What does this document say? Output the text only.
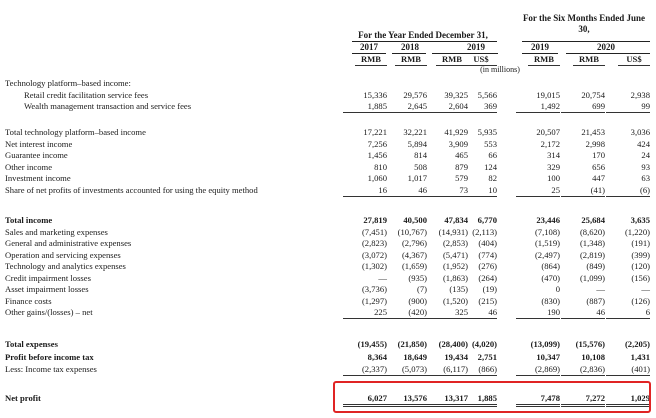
For the Year Ended December 31,
For the Six Months Ended June 30,
2017	2018	2019	2019	2020
RMB	RMB	RMB	US$	RMB	RMB	US$
(in millions)
Technology platform–based income:
Retail credit facilitation service fees	15,336	29,576	39,325	5,566	19,015	20,754	2,938
Wealth management transaction and service fees	1,885	2,645	2,604	369	1,492	699	99
Total technology platform–based income	17,221	32,221	41,929	5,935	20,507	21,453	3,036
Net interest income	7,256	5,894	3,909	553	2,172	2,998	424
Guarantee income	1,456	814	465	66	314	170	24
Other income	810	508	879	124	329	656	93
Investment income	1,060	1,017	579	82	100	447	63
Share of net profits of investments accounted for using the equity method	16	46	73	10	25	(41)	(6)
Total income	27,819	40,500	47,834	6,770	23,446	25,684	3,635
Sales and marketing expenses	(7,451)	(10,767)	(14,931) (2,113)	(7,108)	(8,620)	(1,220)
General and administrative expenses	(2,823)	(2,796)	(2,853)	(404)	(1,519)	(1,348)	(191)
Operation and servicing expenses	(3,072)	(4,367)	(5,471)	(774)	(2,497)	(2,819)	(399)
Technology and analytics expenses	(1,302)	(1,659)	(1,952)	(276)	(864)	(849)	(120)
Credit impairment losses	—	(935)	(1,863)	(264)	(470)	(1,099)	(156)
Asset impairment losses	(3,736)	(7)	(135)	(19)	0	—	—
Finance costs	(1,297)	(900)	(1,520)	(215)	(830)	(887)	(126)
Other gains/(losses) – net	225	(420)	325	46	190	46	6
Total expenses	(19,455)	(21,850)	(28,400) (4,020)	(13,099)	(15,576)	(2,205)
Profit before income tax	8,364	18,649	19,434	2,751	10,347	10,108	1,431
Less: Income tax expenses	(2,337)	(5,073)	(6,117)	(866)	(2,869)	(2,836)	(401)
Net profit	6,027	13,576	13,317	1,885	7,478	7,272	1,029
